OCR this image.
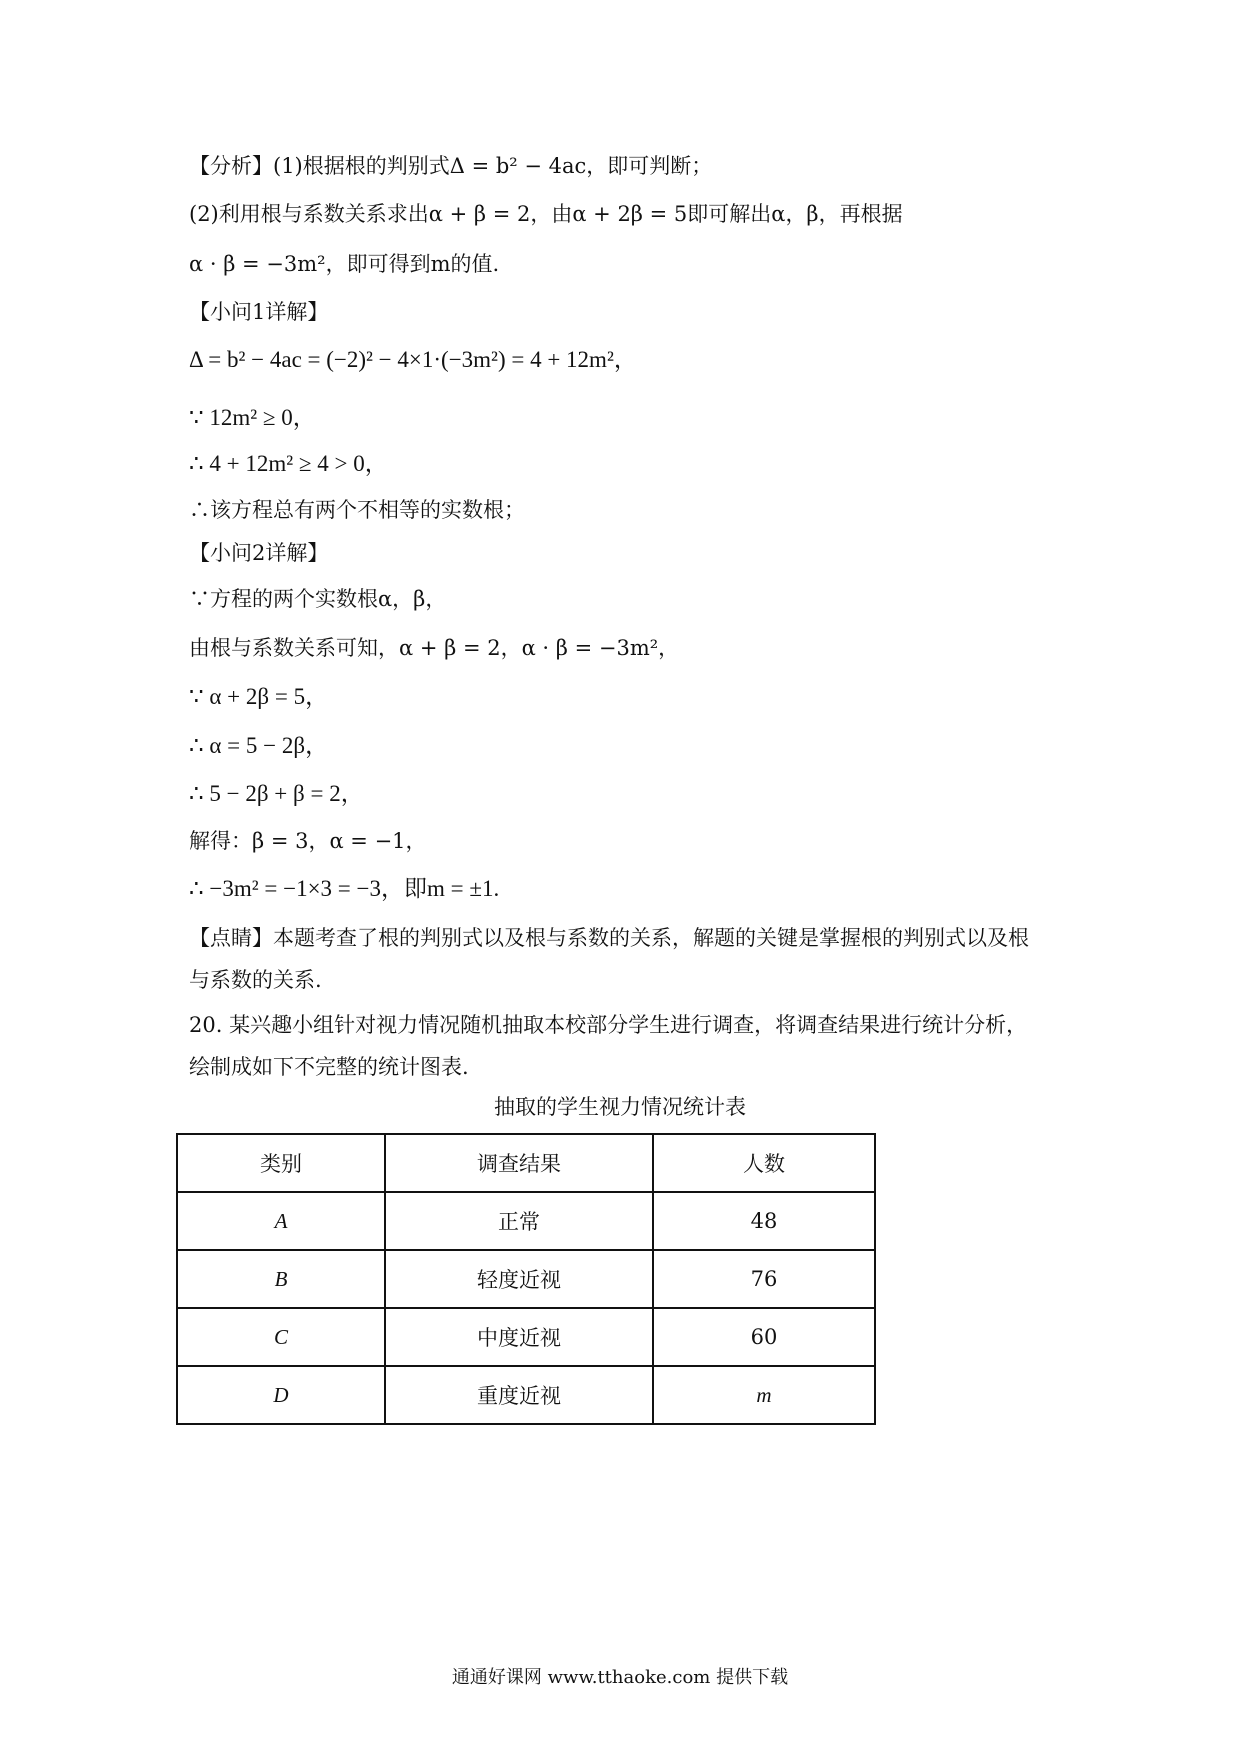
【分析】(1)根据根的判别式Δ = b² − 4ac，即可判断；
(2)利用根与系数关系求出α + β = 2，由α + 2β = 5即可解出α，β，再根据
α · β = −3m²，即可得到m的值.
【小问1详解】
Δ = b² − 4ac = (−2)² − 4×1·(−3m²) = 4 + 12m²，
∵ 12m² ≥ 0，
∴ 4 + 12m² ≥ 4 > 0，
∴该方程总有两个不相等的实数根；
【小问2详解】
∵方程的两个实数根α，β，
由根与系数关系可知，α + β = 2，α · β = −3m²，
∵ α + 2β = 5，
∴ α = 5 − 2β，
∴ 5 − 2β + β = 2，
解得：β = 3，α = −1，
∴ −3m² = −1×3 = −3，即m = ±1.
【点睛】本题考查了根的判别式以及根与系数的关系，解题的关键是掌握根的判别式以及根
与系数的关系.
20. 某兴趣小组针对视力情况随机抽取本校部分学生进行调查，将调查结果进行统计分析，
绘制成如下不完整的统计图表.
抽取的学生视力情况统计表
类别	调查结果	人数
A	正常	48
B	轻度近视	76
C	中度近视	60
D	重度近视	m
通通好课网 www.tthaoke.com 提供下载
